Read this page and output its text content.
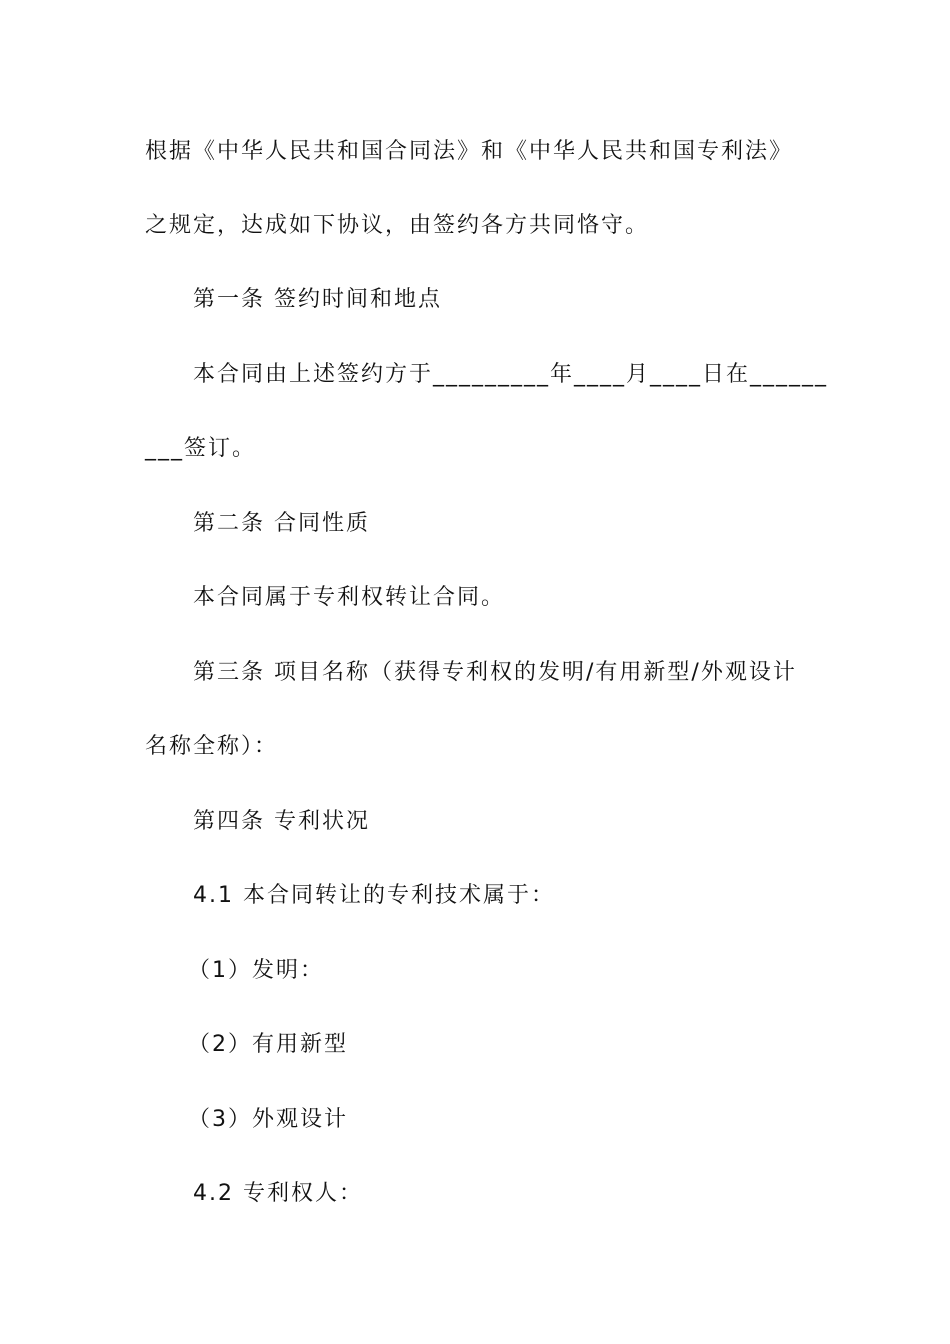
根据《中华人民共和国合同法》和《中华人民共和国专利法》
之规定，达成如下协议，由签约各方共同恪守。
第一条 签约时间和地点
本合同由上述签约方于_________年____月____日在______
___签订。
第二条 合同性质
本合同属于专利权转让合同。
第三条 项目名称（获得专利权的发明/有用新型/外观设计
名称全称）：
第四条 专利状况
4.1 本合同转让的专利技术属于：
（1）发明：
（2）有用新型
（3）外观设计
4.2 专利权人：
